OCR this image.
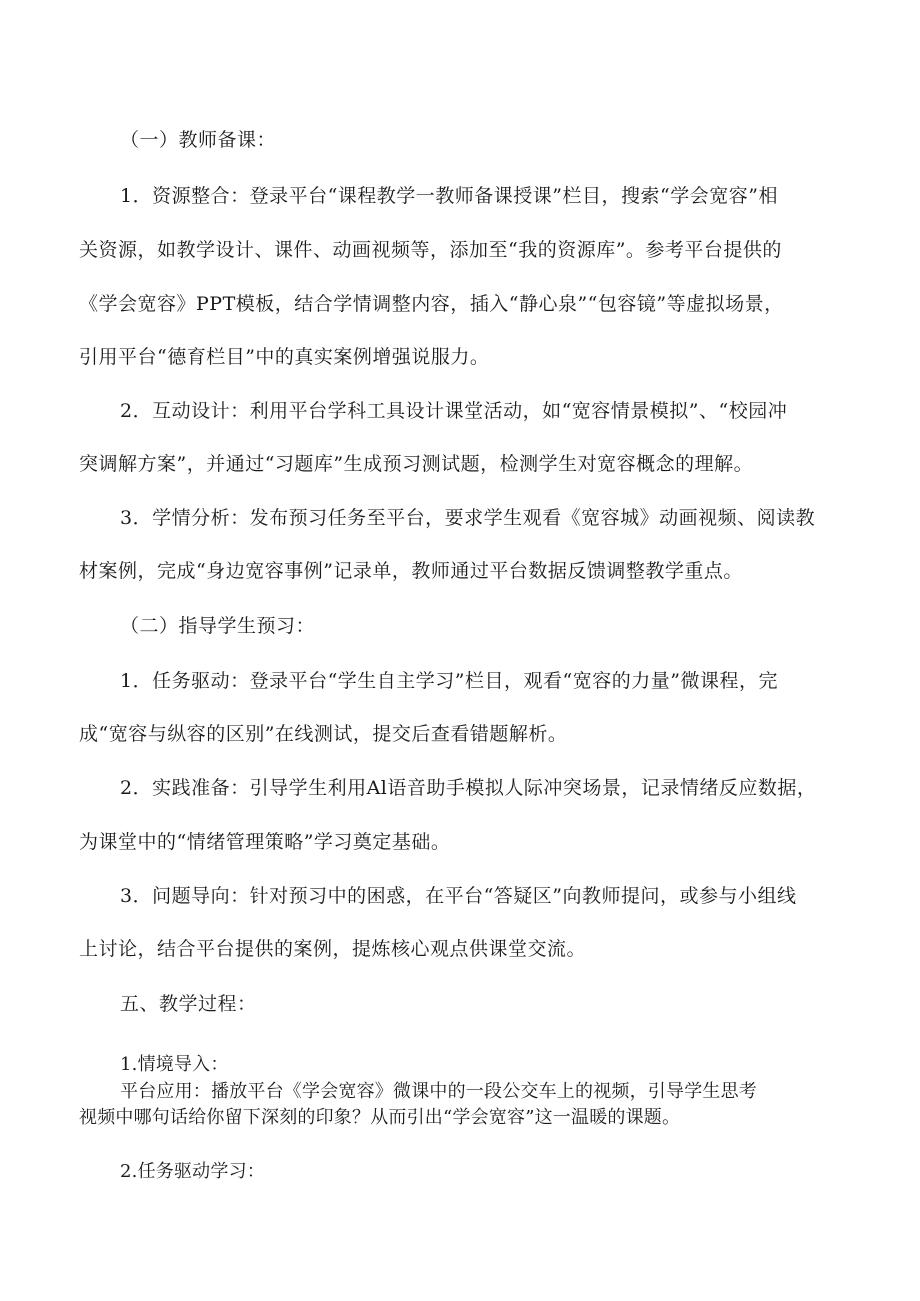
（一）教师备课：
1．资源整合：登录平台“课程教学一教师备课授课”栏目，搜索“学会宽容”相
关资源，如教学设计、课件、动画视频等，添加至“我的资源库”。参考平台提供的
《学会宽容》PPT模板，结合学情调整内容，插入“静心泉”“包容镜”等虚拟场景，
引用平台“德育栏目”中的真实案例增强说服力。
2．互动设计：利用平台学科工具设计课堂活动，如“宽容情景模拟”、“校园冲
突调解方案”，并通过“习题库”生成预习测试题，检测学生对宽容概念的理解。
3．学情分析：发布预习任务至平台，要求学生观看《宽容城》动画视频、阅读教
材案例，完成“身边宽容事例”记录单，教师通过平台数据反馈调整教学重点。
（二）指导学生预习：
1．任务驱动：登录平台“学生自主学习”栏目，观看“宽容的力量”微课程，完
成“宽容与纵容的区别”在线测试，提交后查看错题解析。
2．实践准备：引导学生利用Al语音助手模拟人际冲突场景，记录情绪反应数据，
为课堂中的“情绪管理策略”学习奠定基础。
3．问题导向：针对预习中的困惑，在平台“答疑区”向教师提问，或参与小组线
上讨论，结合平台提供的案例，提炼核心观点供课堂交流。
五、教学过程：
1.情境导入：
平台应用：播放平台《学会宽容》微课中的一段公交车上的视频，引导学生思考
视频中哪句话给你留下深刻的印象？从而引出“学会宽容”这一温暖的课题。
2.任务驱动学习：
